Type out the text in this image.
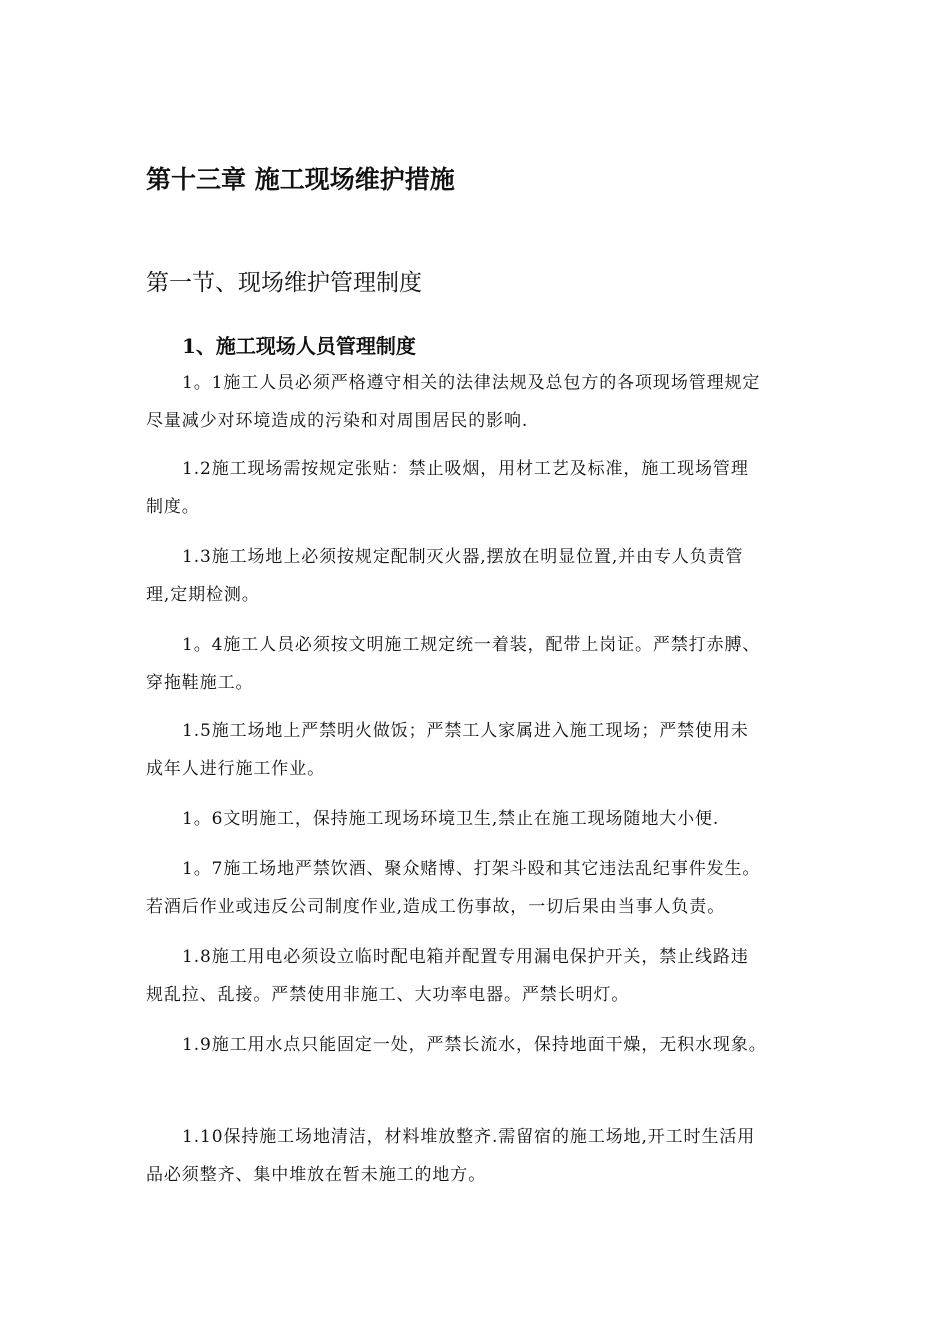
第十三章 施工现场维护措施
第一节、现场维护管理制度
1、施工现场人员管理制度

1。1施工人员必须严格遵守相关的法律法规及总包方的各项现场管理规定
尽量减少对环境造成的污染和对周围居民的影响.

1.2施工现场需按规定张贴：禁止吸烟，用材工艺及标准，施工现场管理
制度。

1.3施工场地上必须按规定配制灭火器,摆放在明显位置,并由专人负责管
理,定期检测。

1。4施工人员必须按文明施工规定统一着装，配带上岗证。严禁打赤膊、
穿拖鞋施工。

1.5施工场地上严禁明火做饭；严禁工人家属进入施工现场；严禁使用未
成年人进行施工作业。

1。6文明施工，保持施工现场环境卫生,禁止在施工现场随地大小便.

1。7施工场地严禁饮酒、聚众赌博、打架斗殴和其它违法乱纪事件发生。
若酒后作业或违反公司制度作业,造成工伤事故，一切后果由当事人负责。

1.8施工用电必须设立临时配电箱并配置专用漏电保护开关，禁止线路违
规乱拉、乱接。严禁使用非施工、大功率电器。严禁长明灯。

1.9施工用水点只能固定一处，严禁长流水，保持地面干燥，无积水现象。

1.10保持施工场地清洁，材料堆放整齐.需留宿的施工场地,开工时生活用
品必须整齐、集中堆放在暂未施工的地方。
